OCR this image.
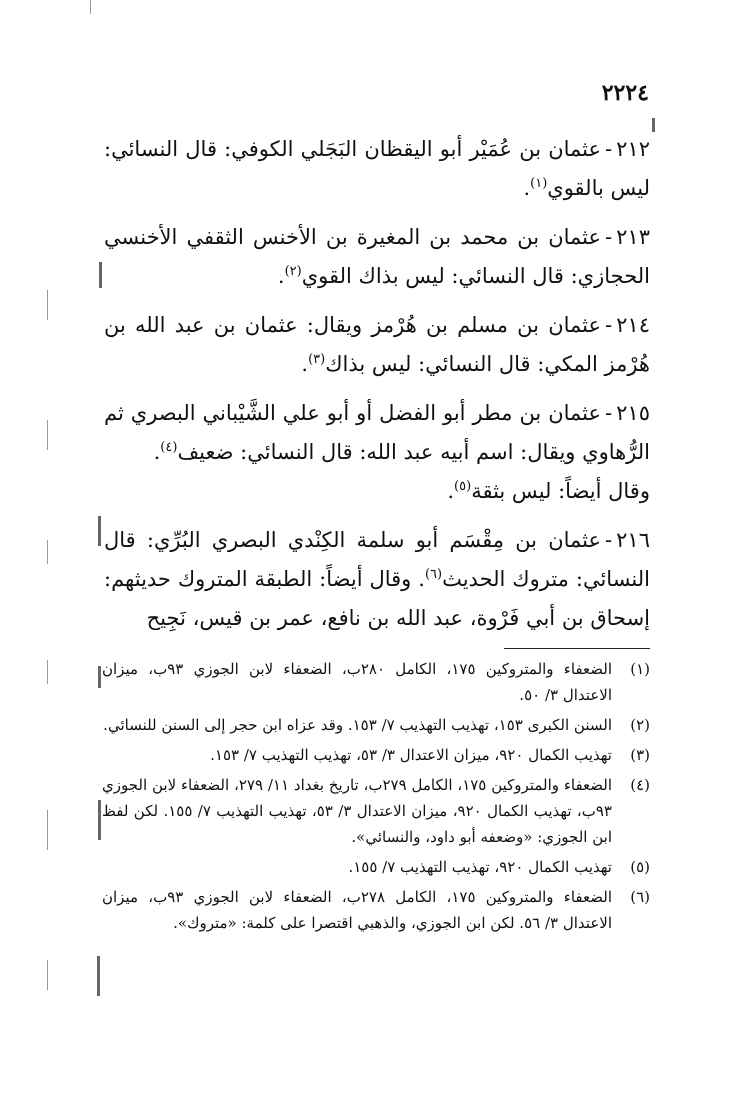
٢٢٢٤
٢١٢-عثمان بن عُمَيْر أبو اليقظان البَجَلي الكوفي: قال النسائي: ليس بالقوي$^{(١)}$.
٢١٣-عثمان بن محمد بن المغيرة بن الأخنس الثقفي الأخنسي الحجازي: قال النسائي: ليس بذاك القوي$^{(٢)}$.
٢١٤-عثمان بن مسلم بن هُرْمز ويقال: عثمان بن عبد الله بن هُرْمز المكي: قال النسائي: ليس بذاك$^{(٣)}$.
٢١٥-عثمان بن مطر أبو الفضل أو أبو علي الشَّيْباني البصري ثم الرُّهاوي ويقال: اسم أبيه عبد الله: قال النسائي: ضعيف$^{(٤)}$.
وقال أيضاً: ليس بثقة$^{(٥)}$.
٢١٦-عثمان بن مِقْسَم أبو سلمة الكِنْدي البصري البُرِّي: قال النسائي: متروك الحديث$^{(٦)}$. وقال أيضاً: الطبقة المتروك حديثهم: إسحاق بن أبي فَرْوة، عبد الله بن نافع، عمر بن قيس، نَجِيح
(١)
الضعفاء والمتروكين ١٧٥، الكامل ٢٨٠ب، الضعفاء لابن الجوزي ٩٣ب، ميزان الاعتدال ٣/ ٥٠.
(٢)
السنن الكبرى ١٥٣، تهذيب التهذيب ٧/ ١٥٣. وقد عزاه ابن حجر إلى السنن للنسائي.
(٣)
تهذيب الكمال ٩٢٠، ميزان الاعتدال ٣/ ٥٣، تهذيب التهذيب ٧/ ١٥٣.
(٤)
الضعفاء والمتروكين ١٧٥، الكامل ٢٧٩ب، تاريخ بغداد ١١/ ٢٧٩، الضعفاء لابن الجوزي ٩٣ب، تهذيب الكمال ٩٢٠، ميزان الاعتدال ٣/ ٥٣، تهذيب التهذيب ٧/ ١٥٥. لكن لفظ ابن الجوزي: «وضعفه أبو داود، والنسائي».
(٥)
تهذيب الكمال ٩٢٠، تهذيب التهذيب ٧/ ١٥٥.
(٦)
الضعفاء والمتروكين ١٧٥، الكامل ٢٧٨ب، الضعفاء لابن الجوزي ٩٣ب، ميزان الاعتدال ٣/ ٥٦. لكن ابن الجوزي، والذهبي اقتصرا على كلمة: «متروك».
